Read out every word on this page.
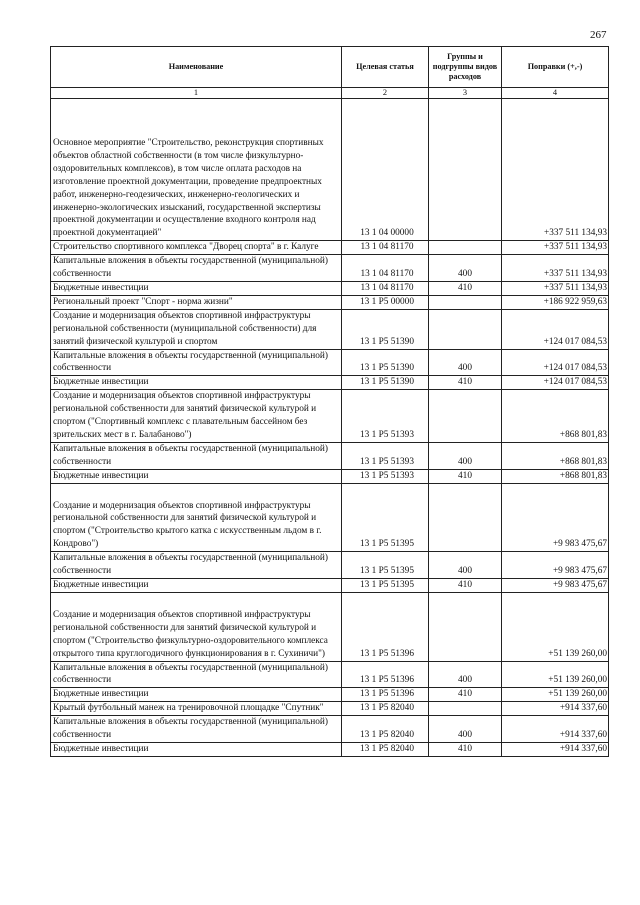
267
Наименование	Целевая статья	Группы и подгруппы видов расходов	Поправки (+,-)
1	2	3	4
Основное мероприятие "Строительство, реконструкция спортивных объектов областной собственности (в том числе физкультурно-оздоровительных комплексов), в том числе оплата расходов на изготовление проектной документации, проведение предпроектных работ, инженерно-геодезических, инженерно-геологических и инженерно-экологических изысканий, государственной экспертизы проектной документации и осуществление входного контроля над проектной документацией"	13 1 04 00000		+337 511 134,93
Строительство спортивного комплекса "Дворец спорта" в г. Калуге	13 1 04 81170		+337 511 134,93
Капитальные вложения в объекты государственной (муниципальной) собственности	13 1 04 81170	400	+337 511 134,93
Бюджетные инвестиции	13 1 04 81170	410	+337 511 134,93
Региональный проект "Спорт - норма жизни"	13 1 P5 00000		+186 922 959,63
Создание и модернизация объектов спортивной инфраструктуры региональной собственности (муниципальной собственности) для занятий физической культурой и спортом	13 1 P5 51390		+124 017 084,53
Капитальные вложения в объекты государственной (муниципальной) собственности	13 1 P5 51390	400	+124 017 084,53
Бюджетные инвестиции	13 1 P5 51390	410	+124 017 084,53
Создание и модернизация объектов спортивной инфраструктуры региональной собственности для занятий физической культурой и спортом ("Спортивный комплекс с плавательным бассейном без зрительских мест в г. Балабаново")	13 1 P5 51393		+868 801,83
Капитальные вложения в объекты государственной (муниципальной) собственности	13 1 P5 51393	400	+868 801,83
Бюджетные инвестиции	13 1 P5 51393	410	+868 801,83
Создание и модернизация объектов спортивной инфраструктуры региональной собственности для занятий физической культурой и спортом ("Строительство крытого катка с искусственным льдом в г. Кондрово")	13 1 P5 51395		+9 983 475,67
Капитальные вложения в объекты государственной (муниципальной) собственности	13 1 P5 51395	400	+9 983 475,67
Бюджетные инвестиции	13 1 P5 51395	410	+9 983 475,67
Создание и модернизация объектов спортивной инфраструктуры региональной собственности для занятий физической культурой и спортом ("Строительство физкультурно-оздоровительного комплекса открытого типа круглогодичного функционирования в г. Сухиничи")	13 1 P5 51396		+51 139 260,00
Капитальные вложения в объекты государственной (муниципальной) собственности	13 1 P5 51396	400	+51 139 260,00
Бюджетные инвестиции	13 1 P5 51396	410	+51 139 260,00
Крытый футбольный манеж на тренировочной площадке "Спутник"	13 1 P5 82040		+914 337,60
Капитальные вложения в объекты государственной (муниципальной) собственности	13 1 P5 82040	400	+914 337,60
Бюджетные инвестиции	13 1 P5 82040	410	+914 337,60
